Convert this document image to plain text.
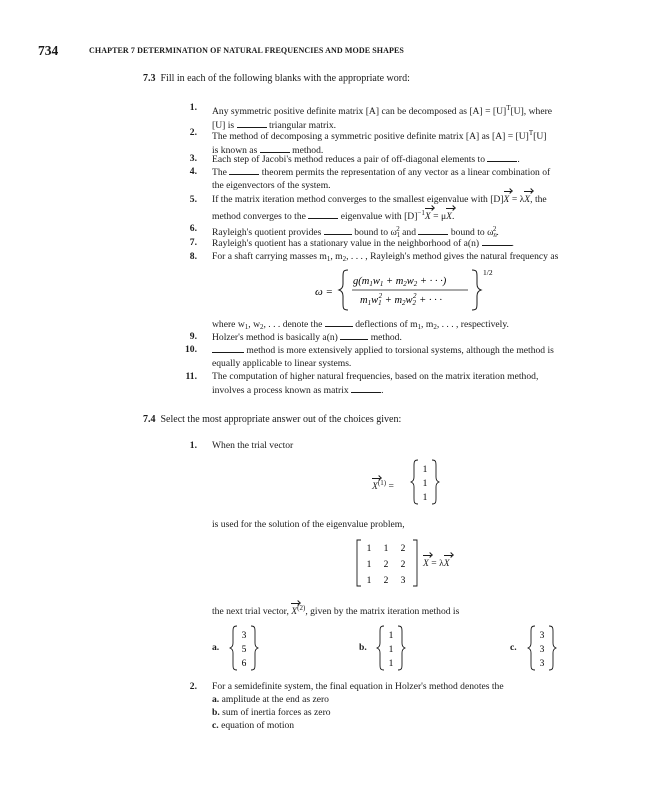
734	CHAPTER 7 DETERMINATION OF NATURAL FREQUENCIES AND MODE SHAPES
7.3 Fill in each of the following blanks with the appropriate word:
1. Any symmetric positive definite matrix [A] can be decomposed as $[A] = [U]^T[U]$, where
[U] is	triangular matrix.
2. The method of decomposing a symmetric positive definite matrix [A] as $[A] = [U]^T[U]$
is known as	method.
3. Each step of Jacobi's method reduces a pair of off-diagonal elements to	.
4. The	theorem permits the representation of any vector as a linear combination of
the eigenvectors of the system.
5. If the matrix iteration method converges to the smallest eigenvalue with [D]X = λX, the
method converges to the	eigenvalue with $[D]^{-1}X = \mu X$.
6. Rayleigh's quotient provides	bound to $\omega_1^2$ and	bound to $\omega_n^2$.
7. Rayleigh's quotient has a stationary value in the neighborhood of a(n)	.
8. For a shaft carrying masses $m_1$, $m_2$, . . . , Rayleigh's method gives the natural frequency as
ω =
g(m1w1 + m2w2 + · · ·)
m1w12 + m2w22 + · · ·
1/2
where $w_1$, $w_2$, . . . denote the	deflections of $m_1$, $m_2$, . . . , respectively.
9. Holzer's method is basically a(n)	method.
10.	method is more extensively applied to torsional systems, although the method is
equally applicable to linear systems.
11. The computation of higher natural frequencies, based on the matrix iteration method,
involves a process known as matrix	.
7.4 Select the most appropriate answer out of the choices given:
1. When the trial vector
$X^{(1)}$ =
1
1
1
is used for the solution of the eigenvalue problem,
1 1 2
1 2 2
1 2 3
X = λX
the next trial vector, $X^{(2)}$, given by the matrix iteration method is
a.
3
5
6
b.
1
1
1
c.
3
3
3
2. For a semidefinite system, the final equation in Holzer's method denotes the
a. amplitude at the end as zero
b. sum of inertia forces as zero
c. equation of motion
